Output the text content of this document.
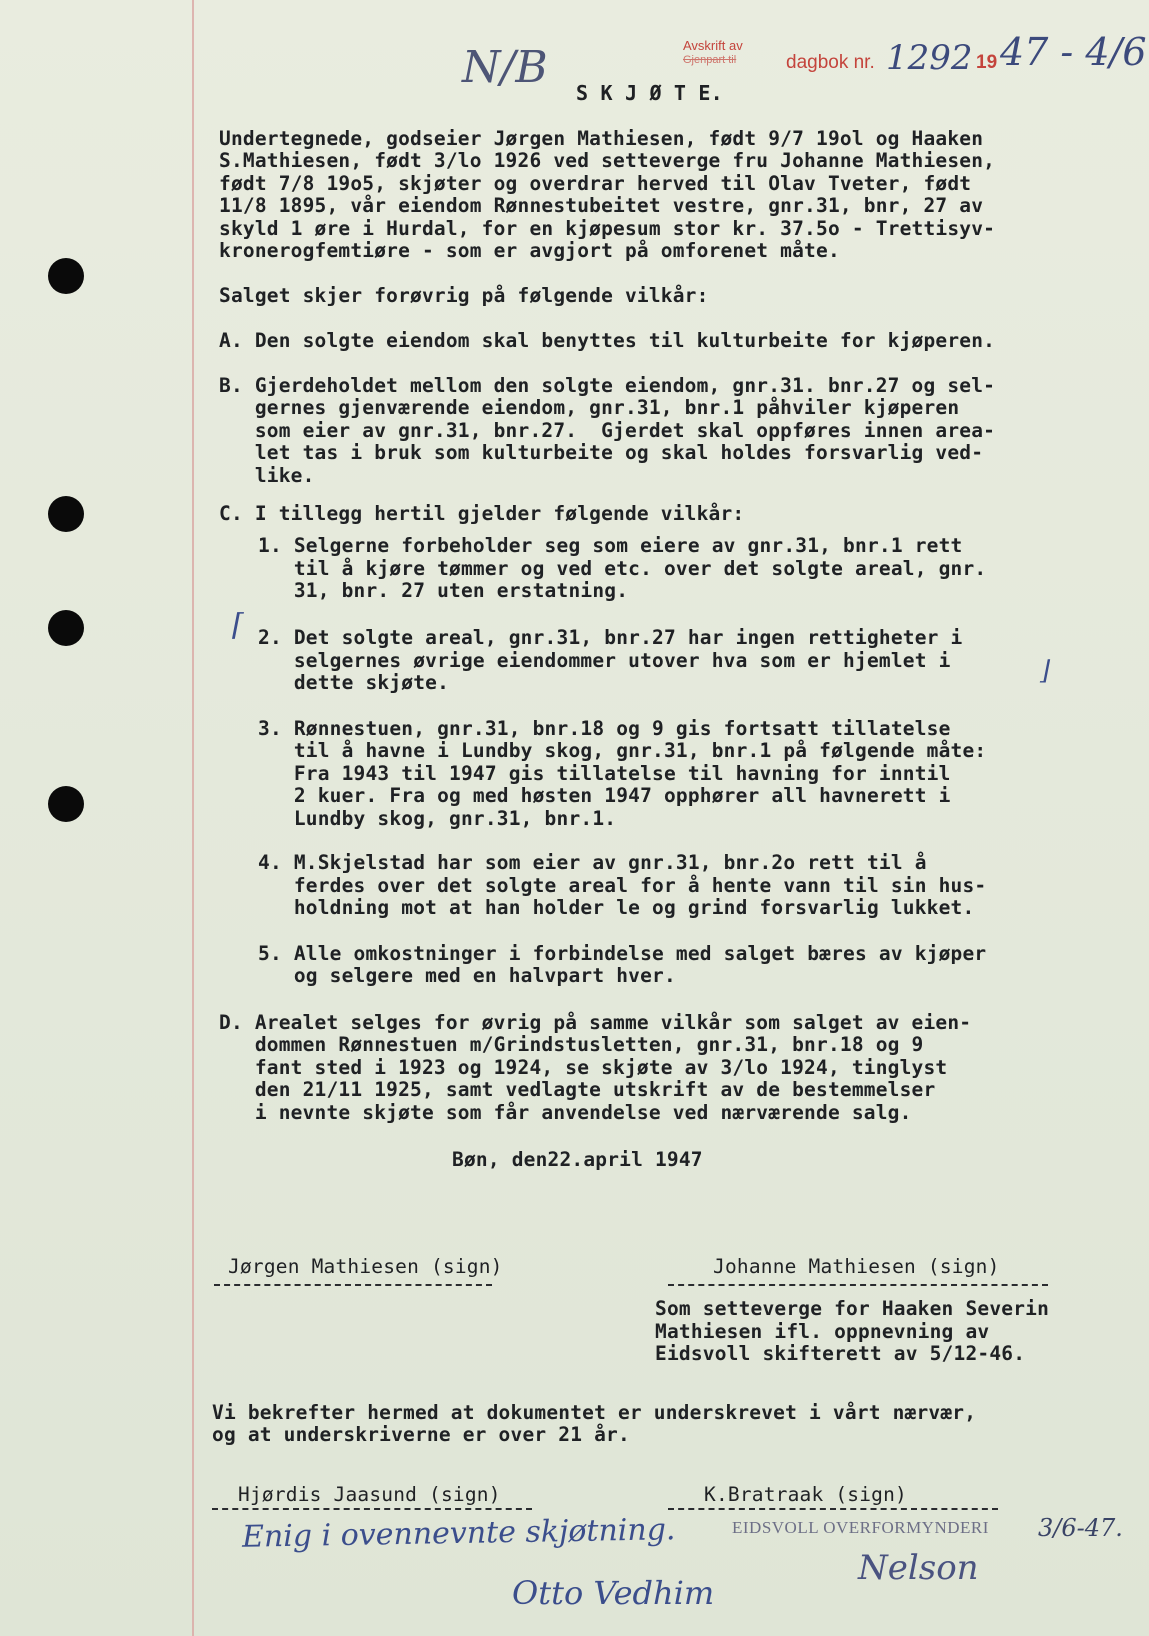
Avskrift av
Gjenpart til	dagbok nr. 1292 19 47 - 4/6
N/B S K J Ø T E.
Undertegnede, godseier Jørgen Mathiesen, født 9/7 19ol og Haaken
S.Mathiesen, født 3/lo 1926 ved setteverge fru Johanne Mathiesen,
født 7/8 19o5, skjøter og overdrar herved til Olav Tveter, født
11/8 1895, vår eiendom Rønnestubeitet vestre, gnr.31, bnr, 27 av
skyld 1 øre i Hurdal, for en kjøpesum stor kr. 37.5o - Trettisyv-
kronerogfemtiøre - som er avgjort på omforenet måte.
Salget skjer forøvrig på følgende vilkår:
A. Den solgte eiendom skal benyttes til kulturbeite for kjøperen.
B. Gjerdeholdet mellom den solgte eiendom, gnr.31. bnr.27 og sel-
gernes gjenværende eiendom, gnr.31, bnr.1 påhviler kjøperen
som eier av gnr.31, bnr.27.  Gjerdet skal oppføres innen area-
let tas i bruk som kulturbeite og skal holdes forsvarlig ved-
like.
C. I tillegg hertil gjelder følgende vilkår:
1. Selgerne forbeholder seg som eiere av gnr.31, bnr.1 rett
til å kjøre tømmer og ved etc. over det solgte areal, gnr.
31, bnr. 27 uten erstatning.
⌈ 2. Det solgte areal, gnr.31, bnr.27 har ingen rettigheter i
selgernes øvrige eiendommer utover hva som er hjemlet i
dette skjøte.	⌋
3. Rønnestuen, gnr.31, bnr.18 og 9 gis fortsatt tillatelse
til å havne i Lundby skog, gnr.31, bnr.1 på følgende måte:
Fra 1943 til 1947 gis tillatelse til havning for inntil
2 kuer. Fra og med høsten 1947 opphører all havnerett i
Lundby skog, gnr.31, bnr.1.
4. M.Skjelstad har som eier av gnr.31, bnr.2o rett til å
ferdes over det solgte areal for å hente vann til sin hus-
holdning mot at han holder le og grind forsvarlig lukket.
5. Alle omkostninger i forbindelse med salget bæres av kjøper
og selgere med en halvpart hver.
D. Arealet selges for øvrig på samme vilkår som salget av eien-
dommen Rønnestuen m/Grindstusletten, gnr.31, bnr.18 og 9
fant sted i 1923 og 1924, se skjøte av 3/lo 1924, tinglyst
den 21/11 1925, samt vedlagte utskrift av de bestemmelser
i nevnte skjøte som får anvendelse ved nærværende salg.
Bøn, den22.april 1947
Jørgen Mathiesen (sign)	Johanne Mathiesen (sign)
Som setteverge for Haaken Severin
Mathiesen ifl. oppnevning av
Eidsvoll skifterett av 5/12-46.
Vi bekrefter hermed at dokumentet er underskrevet i vårt nærvær,
og at underskriverne er over 21 år.
Hjørdis Jaasund (sign)	K.Bratraak (sign)
Enig i ovennevnte skjøtning.
Otto Vedhim
EIDSVOLL OVERFORMYNDERI 3/6-47.
Nelson
